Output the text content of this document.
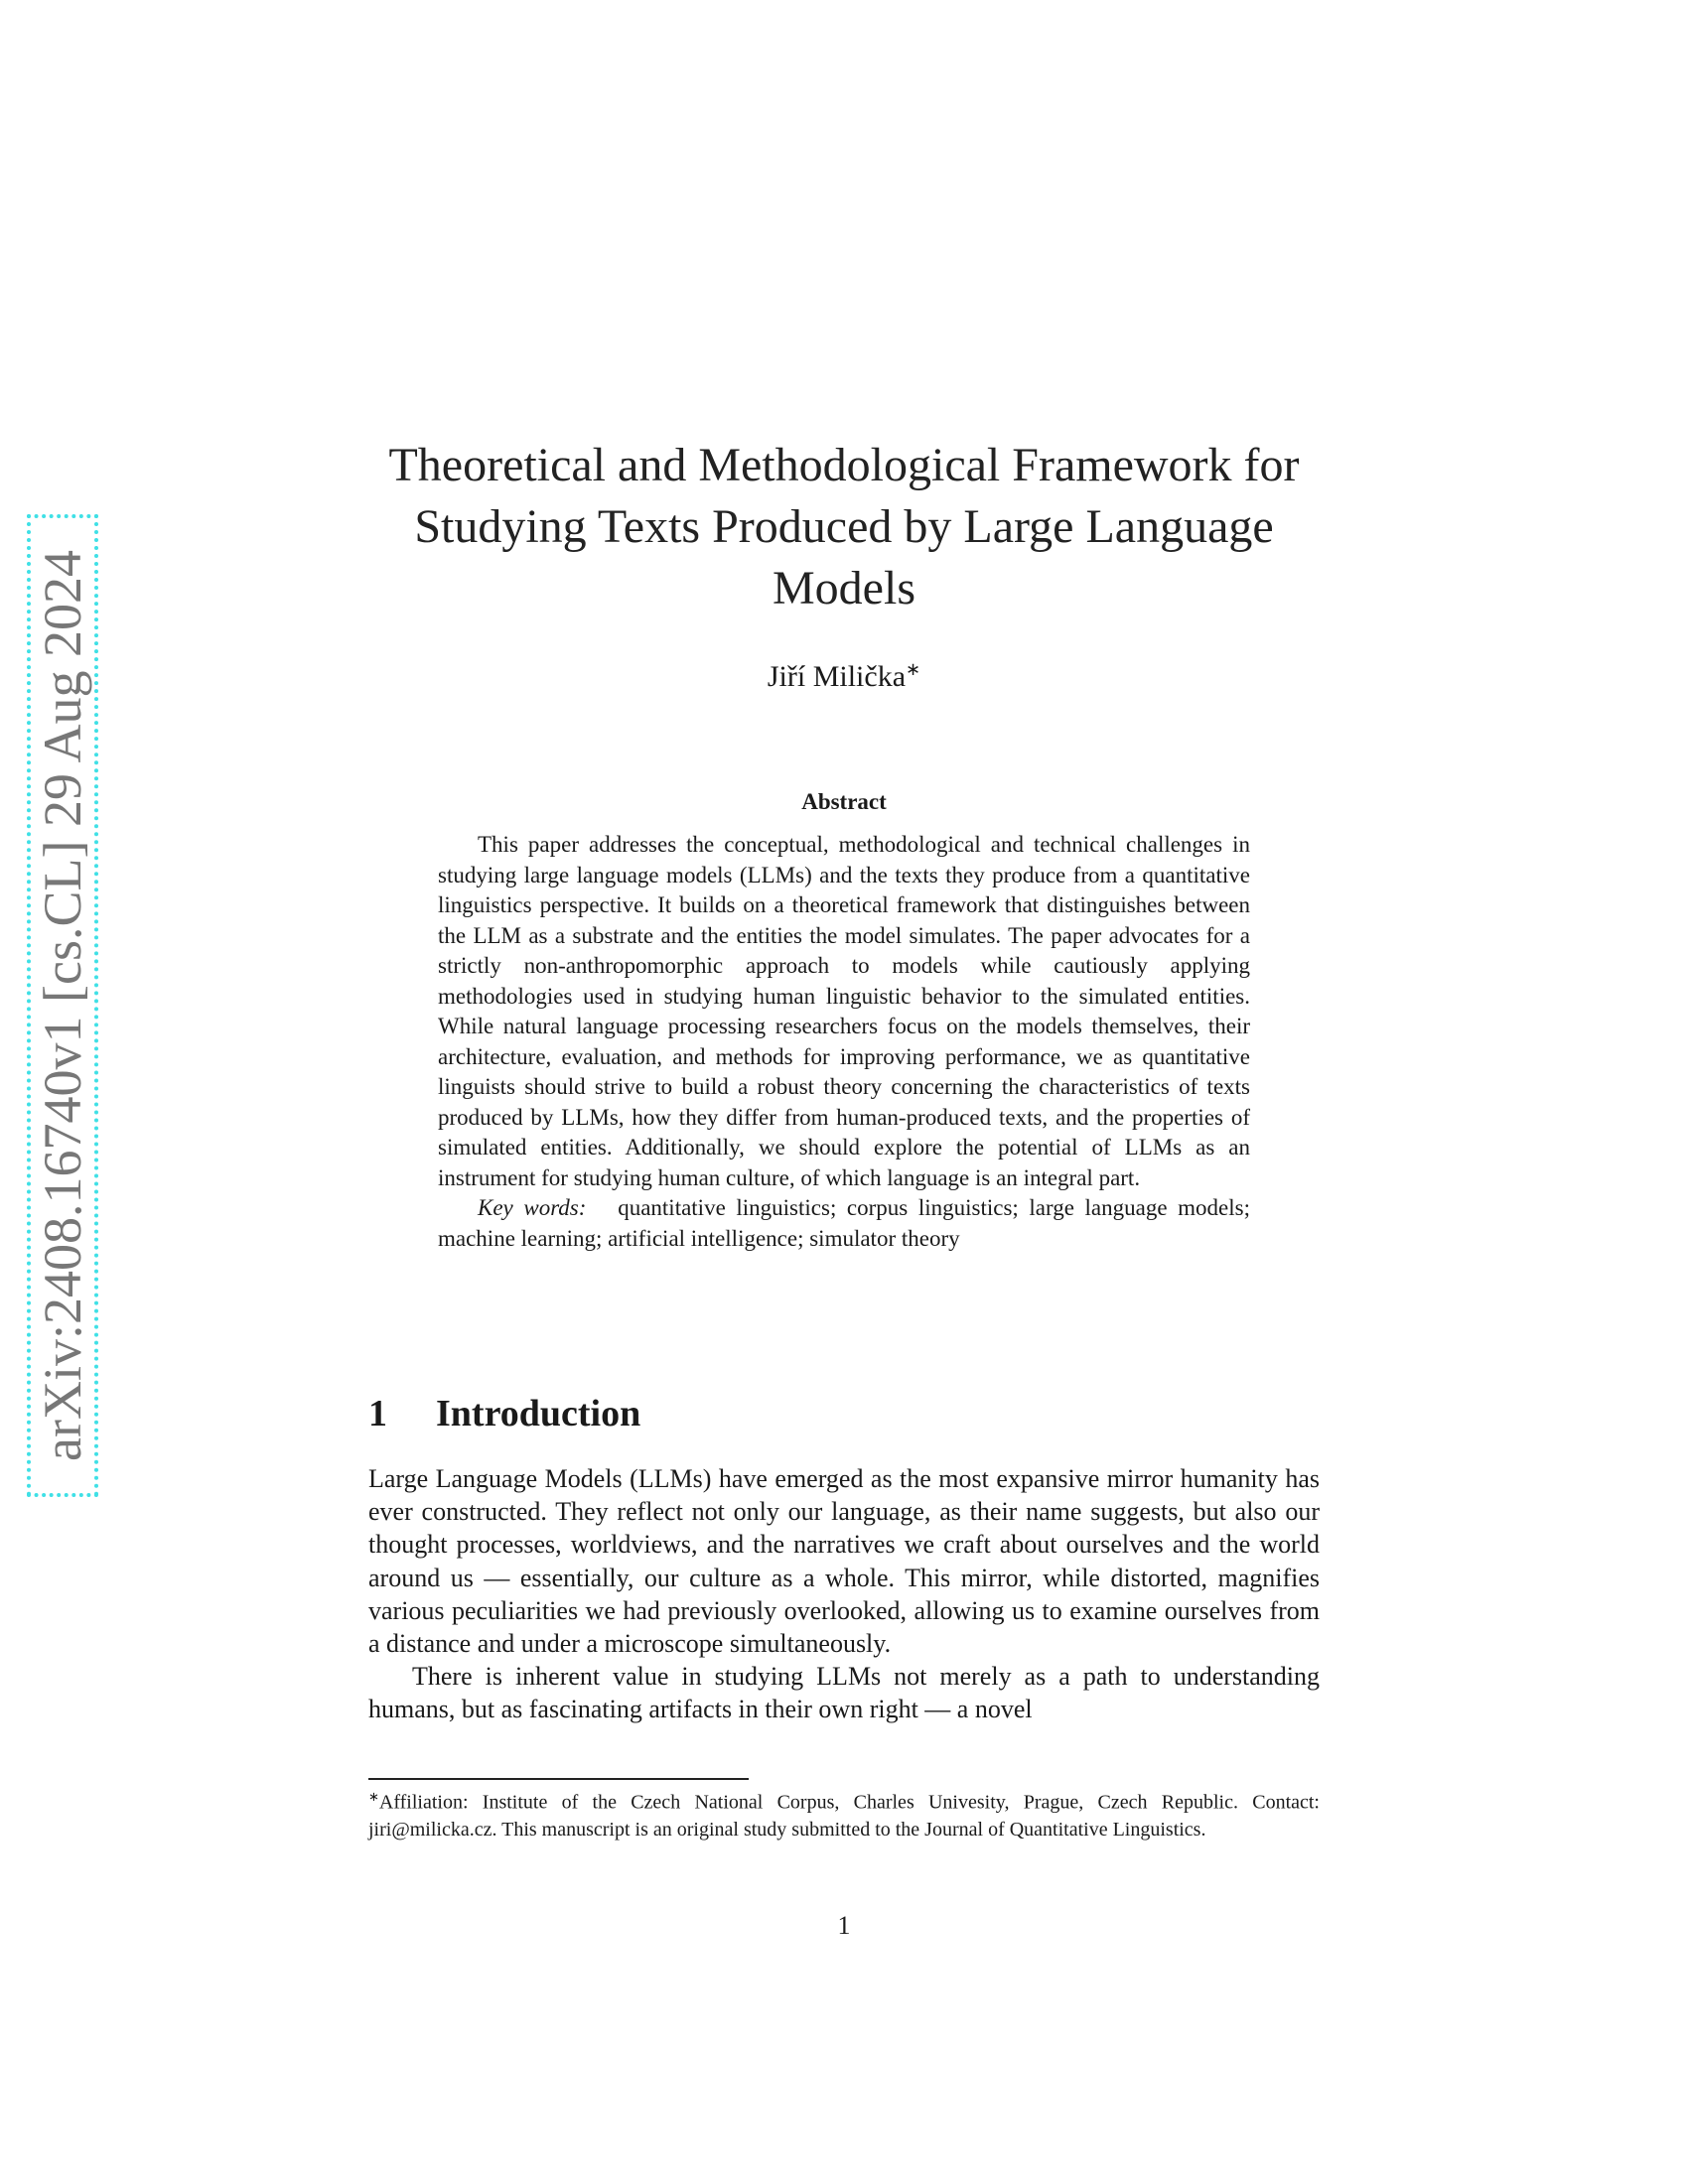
arXiv:2408.16740v1 [cs.CL] 29 Aug 2024
Theoretical and Methodological Framework for Studying Texts Produced by Large Language Models
Jiří Milička∗
Abstract

This paper addresses the conceptual, methodological and technical challenges in studying large language models (LLMs) and the texts they produce from a quantitative linguistics perspective. It builds on a theoretical framework that distinguishes between the LLM as a substrate and the entities the model simulates. The paper advocates for a strictly non-anthropomorphic approach to models while cautiously applying methodologies used in studying human linguistic behavior to the simulated entities. While natural language processing researchers focus on the models themselves, their architecture, evaluation, and methods for improving performance, we as quantitative linguists should strive to build a robust theory concerning the characteristics of texts produced by LLMs, how they differ from human-produced texts, and the properties of simulated entities. Additionally, we should explore the potential of LLMs as an instrument for studying human culture, of which language is an integral part.

Key words: quantitative linguistics; corpus linguistics; large language models; machine learning; artificial intelligence; simulator theory

1 Introduction

Large Language Models (LLMs) have emerged as the most expansive mirror humanity has ever constructed. They reflect not only our language, as their name suggests, but also our thought processes, worldviews, and the narratives we craft about ourselves and the world around us — essentially, our culture as a whole. This mirror, while distorted, magnifies various peculiarities we had previously overlooked, allowing us to examine ourselves from a distance and under a microscope simultaneously.

There is inherent value in studying LLMs not merely as a path to understanding humans, but as fascinating artifacts in their own right — a novel

∗Affiliation: Institute of the Czech National Corpus, Charles Univesity, Prague, Czech Republic. Contact: jiri@milicka.cz. This manuscript is an original study submitted to the Journal of Quantitative Linguistics.
1
